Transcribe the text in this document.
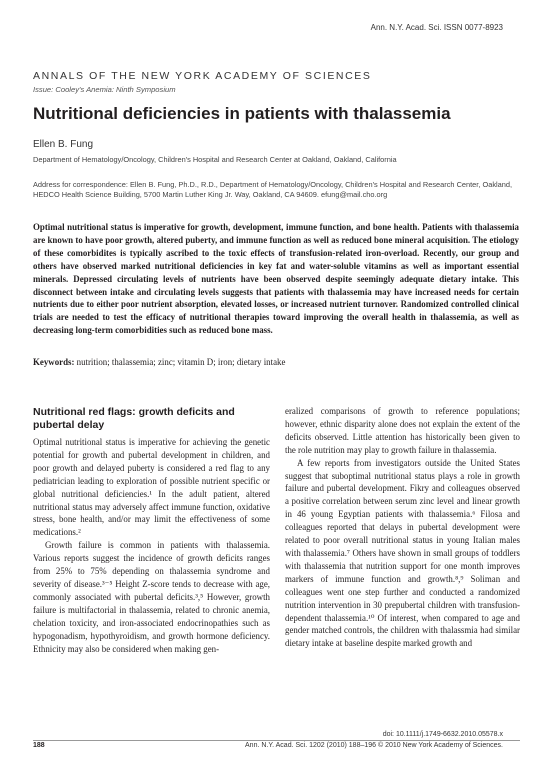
Ann. N.Y. Acad. Sci. ISSN 0077-8923
ANNALS OF THE NEW YORK ACADEMY OF SCIENCES
Issue: Cooley's Anemia: Ninth Symposium
Nutritional deficiencies in patients with thalassemia
Ellen B. Fung
Department of Hematology/Oncology, Children's Hospital and Research Center at Oakland, Oakland, California
Address for correspondence: Ellen B. Fung, Ph.D., R.D., Department of Hematology/Oncology, Children's Hospital and Research Center, Oakland, HEDCO Health Science Building, 5700 Martin Luther King Jr. Way, Oakland, CA 94609. efung@mail.cho.org
Optimal nutritional status is imperative for growth, development, immune function, and bone health. Patients with thalassemia are known to have poor growth, altered puberty, and immune function as well as reduced bone mineral acquisition. The etiology of these comorbidites is typically ascribed to the toxic effects of transfusion-related iron-overload. Recently, our group and others have observed marked nutritional deficiencies in key fat and water-soluble vitamins as well as important essential minerals. Depressed circulating levels of nutrients have been observed despite seemingly adequate dietary intake. This disconnect between intake and circulating levels suggests that patients with thalassemia may have increased needs for certain nutrients due to either poor nutrient absorption, elevated losses, or increased nutrient turnover. Randomized controlled clinical trials are needed to test the efficacy of nutritional therapies toward improving the overall health in thalassemia, as well as decreasing long-term comorbidities such as reduced bone mass.
Keywords: nutrition; thalassemia; zinc; vitamin D; iron; dietary intake
Nutritional red flags: growth deficits and pubertal delay

Optimal nutritional status is imperative for achieving the genetic potential for growth and pubertal development in children, and poor growth and delayed puberty is considered a red flag to any pediatrician leading to exploration of possible nutrient specific or global nutritional deficiencies.¹ In the adult patient, altered nutritional status may adversely affect immune function, oxidative stress, bone health, and/or may limit the effectiveness of some medications.²

Growth failure is common in patients with thalassemia. Various reports suggest the incidence of growth deficits ranges from 25% to 75% depending on thalassemia syndrome and severity of disease.³⁻⁵ Height Z-score tends to decrease with age, commonly associated with pubertal deficits.³,⁵ However, growth failure is multifactorial in thalassemia, related to chronic anemia, chelation toxicity, and iron-associated endocrinopathies such as hypogonadism, hypothyroidism, and growth hormone deficiency. Ethnicity may also be considered when making gen-

eralized comparisons of growth to reference populations; however, ethnic disparity alone does not explain the extent of the deficits observed. Little attention has historically been given to the role nutrition may play to growth failure in thalassemia.

A few reports from investigators outside the United States suggest that suboptimal nutritional status plays a role in growth failure and pubertal development. Fikry and colleagues observed a positive correlation between serum zinc level and linear growth in 46 young Egyptian patients with thalassemia.⁶ Filosa and colleagues reported that delays in pubertal development were related to poor overall nutritional status in young Italian males with thalassemia.⁷ Others have shown in small groups of toddlers with thalassemia that nutrition support for one month improves markers of immune function and growth.⁸,⁹ Soliman and colleagues went one step further and conducted a randomized nutrition intervention in 30 prepubertal children with transfusion-dependent thalassemia.¹⁰ Of interest, when compared to age and gender matched controls, the children with thalassmia had similar dietary intake at baseline despite marked growth and

doi: 10.1111/j.1749-6632.2010.05578.x
188	Ann. N.Y. Acad. Sci. 1202 (2010) 188–196 © 2010 New York Academy of Sciences.
